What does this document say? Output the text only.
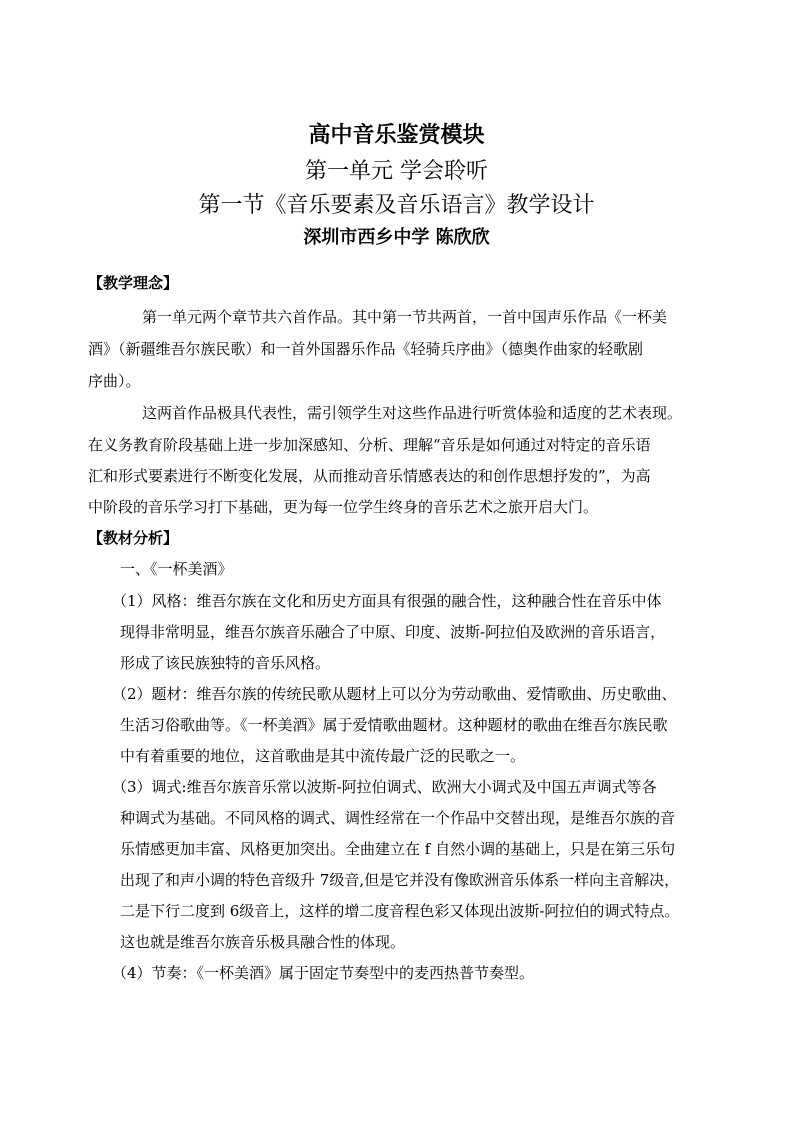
高中音乐鉴赏模块
第一单元 学会聆听
第一节《音乐要素及音乐语言》教学设计
深圳市西乡中学 陈欣欣
【教学理念】
第一单元两个章节共六首作品。其中第一节共两首，一首中国声乐作品《一杯美
酒》（新疆维吾尔族民歌）和一首外国器乐作品《轻骑兵序曲》（德奥作曲家的轻歌剧
序曲）。
这两首作品极具代表性，需引领学生对这些作品进行听赏体验和适度的艺术表现。
在义务教育阶段基础上进一步加深感知、分析、理解“音乐是如何通过对特定的音乐语
汇和形式要素进行不断变化发展，从而推动音乐情感表达的和创作思想抒发的”，为高
中阶段的音乐学习打下基础，更为每一位学生终身的音乐艺术之旅开启大门。
【教材分析】
一、《一杯美酒》
（1）风格：维吾尔族在文化和历史方面具有很强的融合性，这种融合性在音乐中体
现得非常明显，维吾尔族音乐融合了中原、印度、波斯-阿拉伯及欧洲的音乐语言，
形成了该民族独特的音乐风格。
（2）题材：维吾尔族的传统民歌从题材上可以分为劳动歌曲、爱情歌曲、历史歌曲、
生活习俗歌曲等。《一杯美酒》属于爱情歌曲题材。这种题材的歌曲在维吾尔族民歌
中有着重要的地位，这首歌曲是其中流传最广泛的民歌之一。
（3）调式:维吾尔族音乐常以波斯-阿拉伯调式、欧洲大小调式及中国五声调式等各
种调式为基础。不同风格的调式、调性经常在一个作品中交替出现，是维吾尔族的音
乐情感更加丰富、风格更加突出。全曲建立在 f 自然小调的基础上，只是在第三乐句
出现了和声小调的特色音级升 7级音,但是它并没有像欧洲音乐体系一样向主音解决，
二是下行二度到 6级音上，这样的增二度音程色彩又体现出波斯-阿拉伯的调式特点。
这也就是维吾尔族音乐极具融合性的体现。
（4）节奏：《一杯美酒》属于固定节奏型中的麦西热普节奏型。
